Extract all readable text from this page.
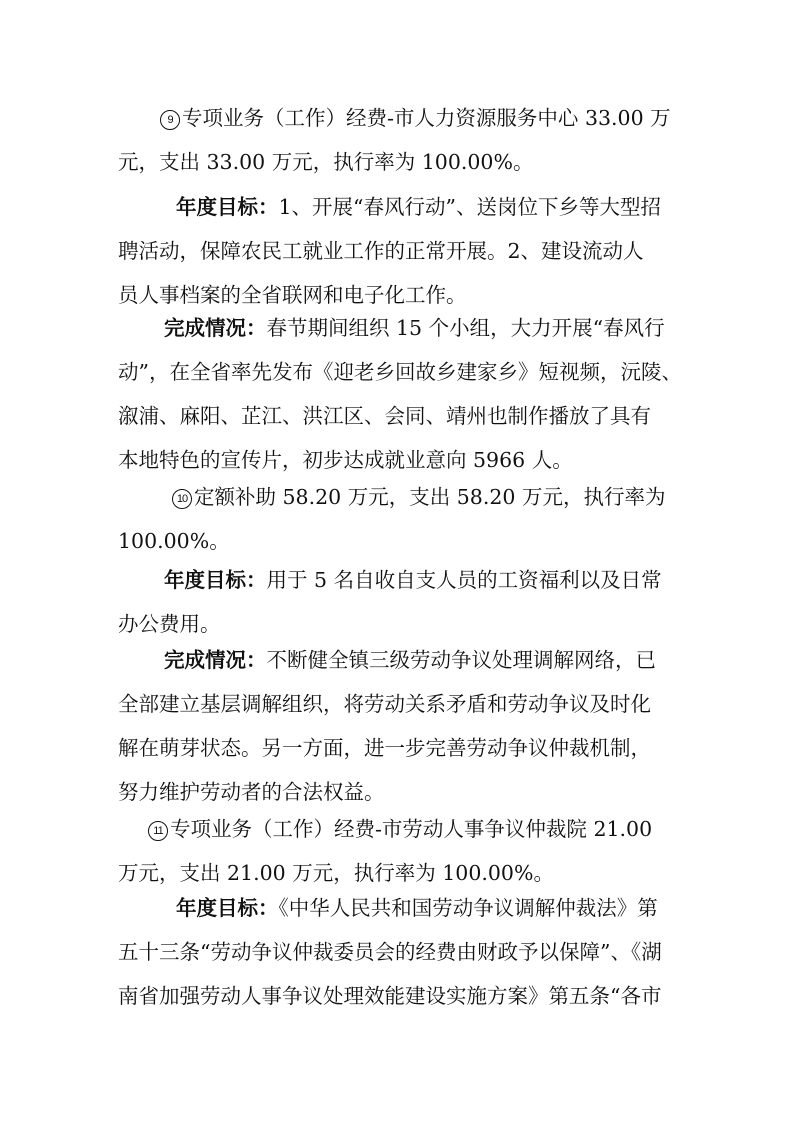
9 专项业务（工作）经费-市人力资源服务中心 33.00 万
元，支出 33.00 万元，执行率为 100.00%。

年度目标：1、开展“春风行动”、送岗位下乡等大型招
聘活动，保障农民工就业工作的正常开展。2、建设流动人
员人事档案的全省联网和电子化工作。

完成情况：春节期间组织 15 个小组，大力开展“春风行
动”，在全省率先发布《迎老乡回故乡建家乡》短视频，沅陵、
溆浦、麻阳、芷江、洪江区、会同、靖州也制作播放了具有
本地特色的宣传片，初步达成就业意向 5966 人。

10 定额补助 58.20 万元，支出 58.20 万元，执行率为
100.00%。

年度目标：用于 5 名自收自支人员的工资福利以及日常
办公费用。

完成情况：不断健全镇三级劳动争议处理调解网络，已
全部建立基层调解组织，将劳动关系矛盾和劳动争议及时化
解在萌芽状态。另一方面，进一步完善劳动争议仲裁机制，
努力维护劳动者的合法权益。

11 专项业务（工作）经费-市劳动人事争议仲裁院 21.00
万元，支出 21.00 万元，执行率为 100.00%。

年度目标：《中华人民共和国劳动争议调解仲裁法》第
五十三条“劳动争议仲裁委员会的经费由财政予以保障”、《湖
南省加强劳动人事争议处理效能建设实施方案》第五条“各市
